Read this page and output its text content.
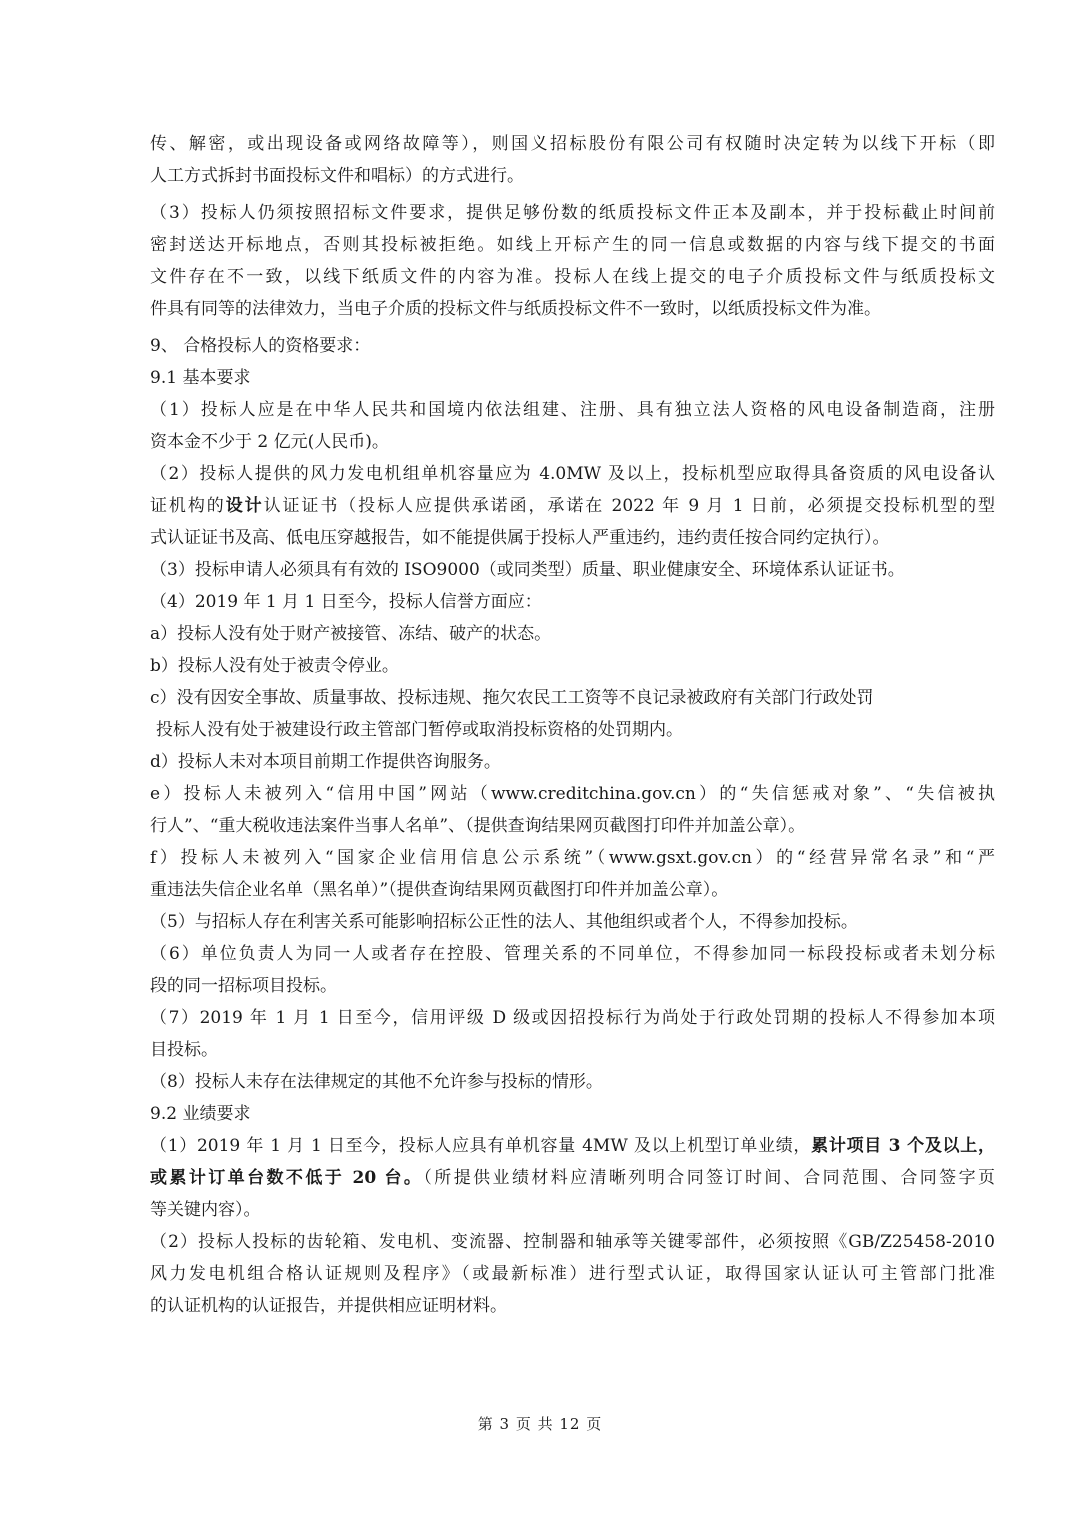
传、解密，或出现设备或网络故障等），则国义招标股份有限公司有权随时决定转为以线下开标（即
人工方式拆封书面投标文件和唱标）的方式进行。
（3）投标人仍须按照招标文件要求，提供足够份数的纸质投标文件正本及副本，并于投标截止时间前
密封送达开标地点，否则其投标被拒绝。如线上开标产生的同一信息或数据的内容与线下提交的书面
文件存在不一致，以线下纸质文件的内容为准。投标人在线上提交的电子介质投标文件与纸质投标文
件具有同等的法律效力，当电子介质的投标文件与纸质投标文件不一致时，以纸质投标文件为准。
9、 合格投标人的资格要求：
9.1 基本要求
（1）投标人应是在中华人民共和国境内依法组建、注册、具有独立法人资格的风电设备制造商，注册
资本金不少于 2 亿元(人民币)。
（2）投标人提供的风力发电机组单机容量应为 4.0MW 及以上，投标机型应取得具备资质的风电设备认
证机构的设计认证证书（投标人应提供承诺函，承诺在 2022 年 9 月 1 日前，必须提交投标机型的型
式认证证书及高、低电压穿越报告，如不能提供属于投标人严重违约，违约责任按合同约定执行）。
（3）投标申请人必须具有有效的 ISO9000（或同类型）质量、职业健康安全、环境体系认证证书。
（4）2019 年 1 月 1 日至今，投标人信誉方面应：
a）投标人没有处于财产被接管、冻结、破产的状态。
b）投标人没有处于被责令停业。
c）没有因安全事故、质量事故、投标违规、拖欠农民工工资等不良记录被政府有关部门行政处罚
投标人没有处于被建设行政主管部门暂停或取消投标资格的处罚期内。
d）投标人未对本项目前期工作提供咨询服务。
e）投标人未被列入“信用中国”网站（www.creditchina.gov.cn）的“失信惩戒对象”、“失信被执
行人”、“重大税收违法案件当事人名单”、（提供查询结果网页截图打印件并加盖公章）。
f）投标人未被列入“国家企业信用信息公示系统”（www.gsxt.gov.cn）的“经营异常名录”和“严
重违法失信企业名单（黑名单）”（提供查询结果网页截图打印件并加盖公章）。
（5）与招标人存在利害关系可能影响招标公正性的法人、其他组织或者个人，不得参加投标。
（6）单位负责人为同一人或者存在控股、管理关系的不同单位，不得参加同一标段投标或者未划分标
段的同一招标项目投标。
（7）2019 年 1 月 1 日至今，信用评级 D 级或因招投标行为尚处于行政处罚期的投标人不得参加本项
目投标。
（8）投标人未存在法律规定的其他不允许参与投标的情形。
9.2 业绩要求
（1）2019 年 1 月 1 日至今，投标人应具有单机容量 4MW 及以上机型订单业绩，累计项目 3 个及以上，
或累计订单台数不低于 20 台。（所提供业绩材料应清晰列明合同签订时间、合同范围、合同签字页
等关键内容）。
（2）投标人投标的齿轮箱、发电机、变流器、控制器和轴承等关键零部件，必须按照《GB/Z25458-2010
风力发电机组合格认证规则及程序》（或最新标准）进行型式认证，取得国家认证认可主管部门批准
的认证机构的认证报告，并提供相应证明材料。
第 3 页 共 12 页
